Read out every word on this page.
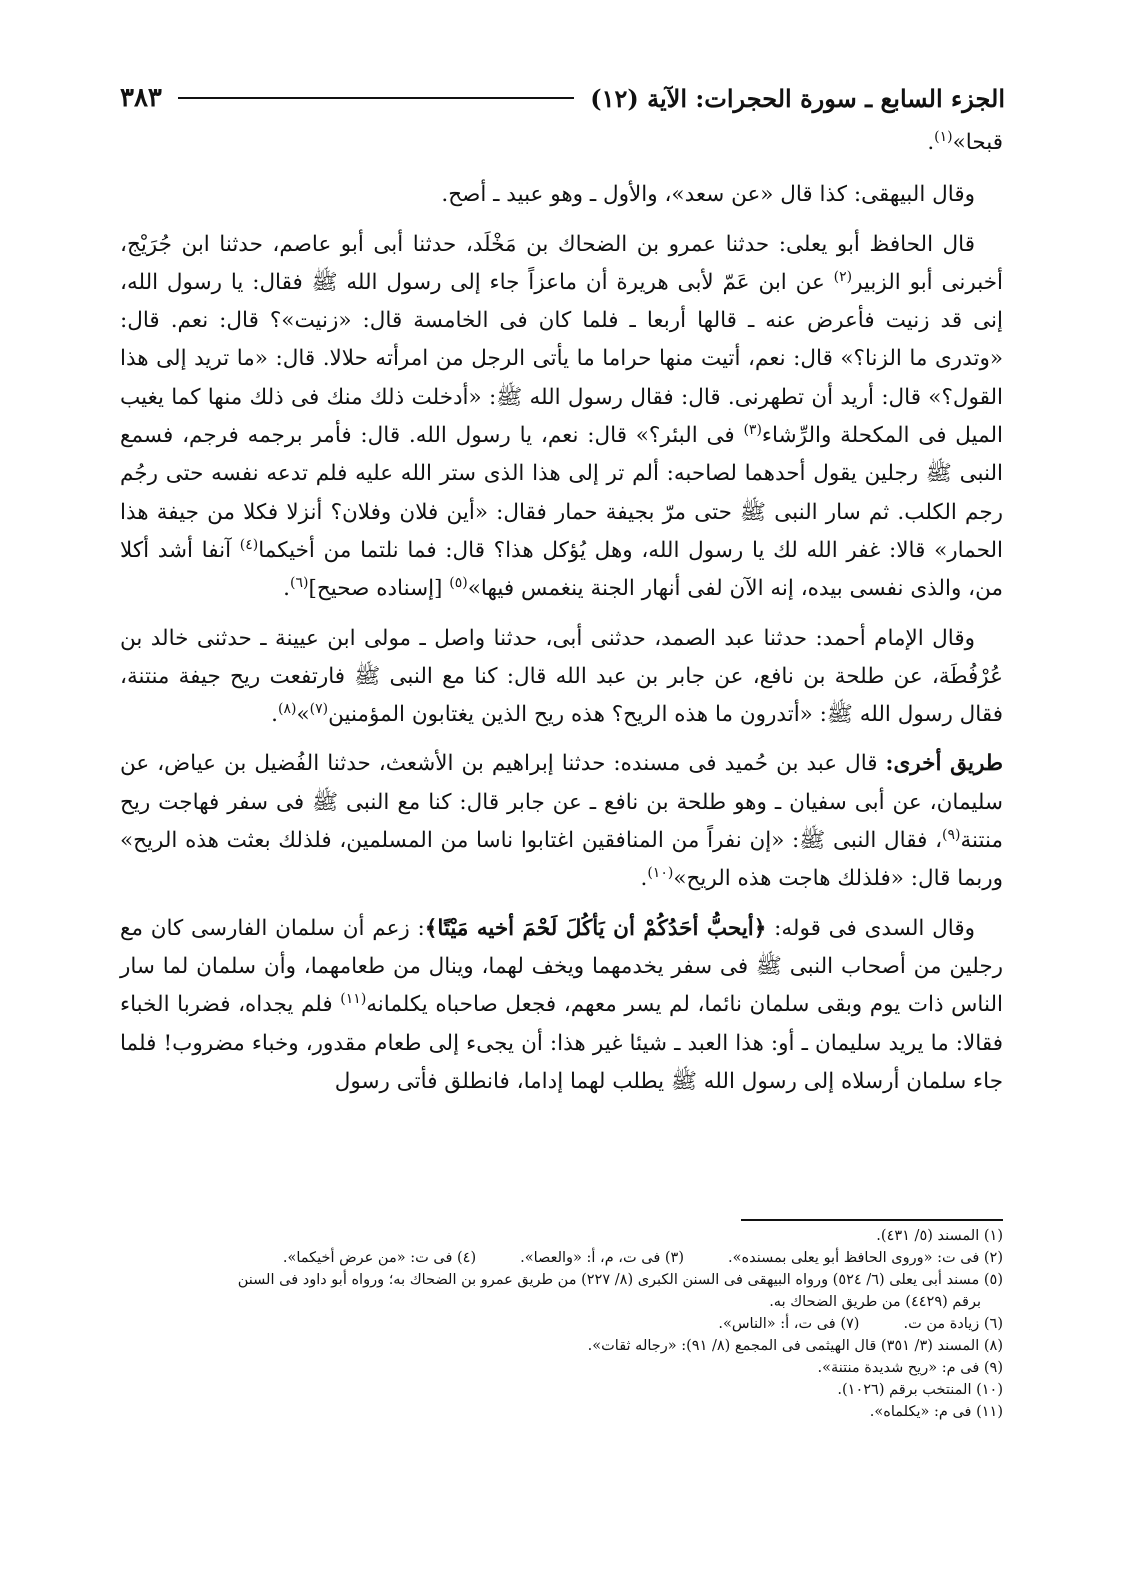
الجزء السابع ـ سورة الحجرات: الآية (١٢)
٣٨٣

قبحا»$^{(١)}$.

وقال البيهقى: كذا قال «عن سعد»، والأول ـ وهو عبيد ـ أصح.

قال الحافظ أبو يعلى: حدثنا عمرو بن الضحاك بن مَخْلَد، حدثنا أبى أبو عاصم، حدثنا ابن جُرَيْج، أخبرنى أبو الزبير$^{(٢)}$ عن ابن عَمّ لأبى هريرة أن ماعزاً جاء إلى رسول الله ﷺ فقال: يا رسول الله، إنى قد زنيت فأعرض عنه ـ قالها أربعا ـ فلما كان فى الخامسة قال: «زنيت»؟ قال: نعم. قال: «وتدرى ما الزنا؟» قال: نعم، أتيت منها حراما ما يأتى الرجل من امرأته حلالا. قال: «ما تريد إلى هذا القول؟» قال: أريد أن تطهرنى. قال: فقال رسول الله ﷺ: «أدخلت ذلك منك فى ذلك منها كما يغيب الميل فى المكحلة والرِّشاء$^{(٣)}$ فى البئر؟» قال: نعم، يا رسول الله. قال: فأمر برجمه فرجم، فسمع النبى ﷺ رجلين يقول أحدهما لصاحبه: ألم تر إلى هذا الذى ستر الله عليه فلم تدعه نفسه حتى رجُم رجم الكلب. ثم سار النبى ﷺ حتى مرّ بجيفة حمار فقال: «أين فلان وفلان؟ أنزلا فكلا من جيفة هذا الحمار» قالا: غفر الله لك يا رسول الله، وهل يُؤكل هذا؟ قال: فما نلتما من أخيكما$^{(٤)}$ آنفا أشد أكلا من، والذى نفسى بيده، إنه الآن لفى أنهار الجنة ينغمس فيها»$^{(٥)}$ [إسناده صحيح]$^{(٦)}$.

وقال الإمام أحمد: حدثنا عبد الصمد، حدثنى أبى، حدثنا واصل ـ مولى ابن عيينة ـ حدثنى خالد بن عُرْفُطَة، عن طلحة بن نافع، عن جابر بن عبد الله قال: كنا مع النبى ﷺ فارتفعت ريح جيفة منتنة، فقال رسول الله ﷺ: «أتدرون ما هذه الريح؟ هذه ريح الذين يغتابون المؤمنين$^{(٧)}$»$^{(٨)}$.

طريق أخرى: قال عبد بن حُميد فى مسنده: حدثنا إبراهيم بن الأشعث، حدثنا الفُضيل بن عياض، عن سليمان، عن أبى سفيان ـ وهو طلحة بن نافع ـ عن جابر قال: كنا مع النبى ﷺ فى سفر فهاجت ريح منتنة$^{(٩)}$، فقال النبى ﷺ: «إن نفراً من المنافقين اغتابوا ناسا من المسلمين، فلذلك بعثت هذه الريح» وربما قال: «فلذلك هاجت هذه الريح»$^{(١٠)}$.

وقال السدى فى قوله: ﴿أيحبُّ أحَدُكُمْ أن يَأكُلَ لَحْمَ أخيه مَيْتًا﴾: زعم أن سلمان الفارسى كان مع رجلين من أصحاب النبى ﷺ فى سفر يخدمهما ويخف لهما، وينال من طعامهما، وأن سلمان لما سار الناس ذات يوم وبقى سلمان نائما، لم يسر معهم، فجعل صاحباه يكلمانه$^{(١١)}$ فلم يجداه، فضربا الخباء فقالا: ما يريد سليمان ـ أو: هذا العبد ـ شيئا غير هذا: أن يجىء إلى طعام مقدور، وخباء مضروب! فلما جاء سلمان أرسلاه إلى رسول الله ﷺ يطلب لهما إداما، فانطلق فأتى رسول

(١) المسند (٥/ ٤٣١).
(٢) فى ت: «وروى الحافظ أبو يعلى بمسنده».
(٣) فى ت، م، أ: «والعصا».
(٤) فى ت: «من عرض أخيكما».
(٥) مسند أبى يعلى (٦/ ٥٢٤) ورواه البيهقى فى السنن الكبرى (٨/ ٢٢٧) من طريق عمرو بن الضحاك به؛ ورواه أبو داود فى السنن
برقم (٤٤٢٩) من طريق الضحاك به.
(٦) زيادة من ت.
(٧) فى ت، أ: «الناس».
(٨) المسند (٣/ ٣٥١) قال الهيثمى فى المجمع (٨/ ٩١): «رجاله ثقات».
(٩) فى م: «ريح شديدة منتنة».
(١٠) المنتخب برقم (١٠٢٦).
(١١) فى م: «يكلماه».
